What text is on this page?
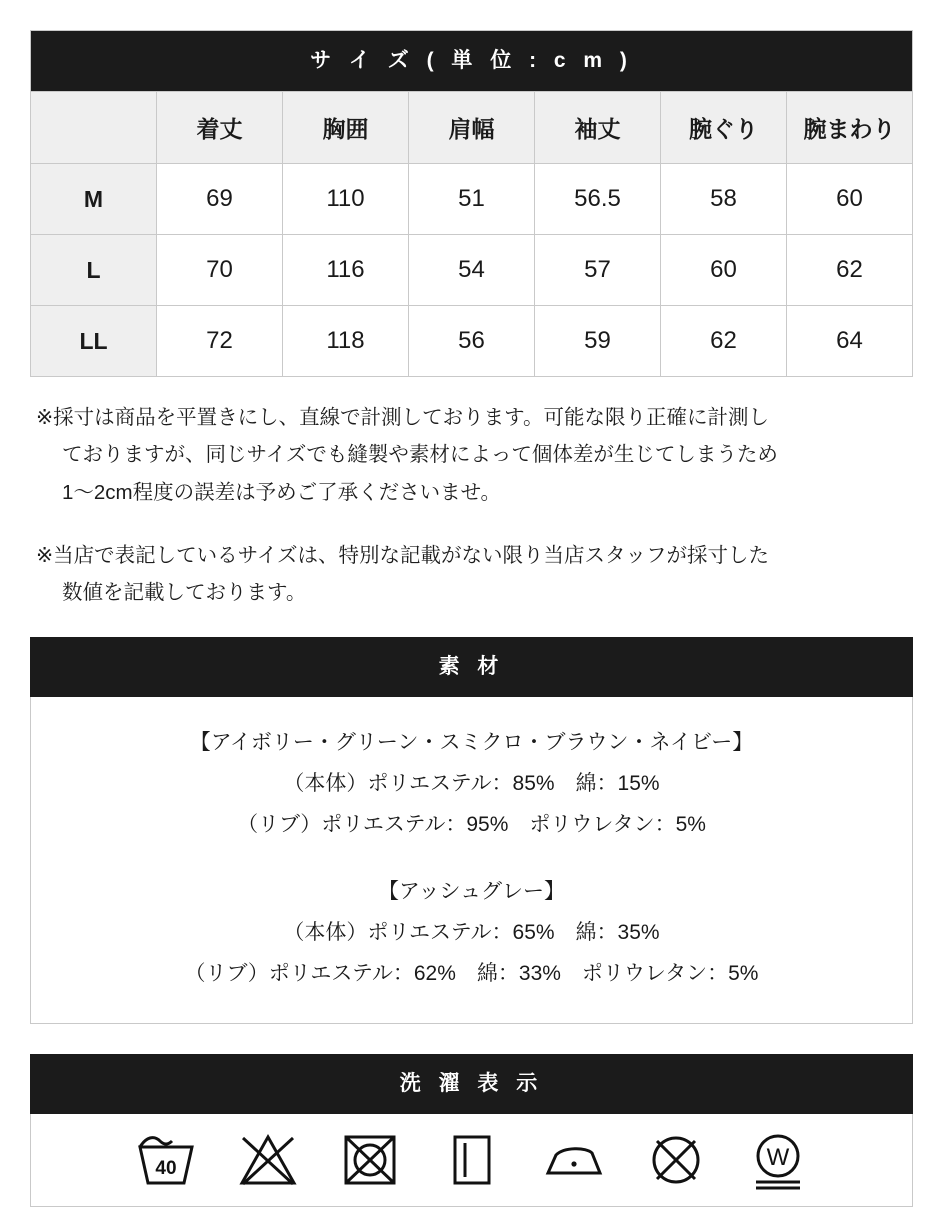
サ イ ズ ( 単 位 : c m )						

	着丈	胸囲	肩幅	袖丈	腕ぐり	腕まわり
M	69	110	51	56.5	58	60
L	70	116	54	57	60	62
LL	72	118	56	59	62	64

※採寸は商品を平置きにし、直線で計測しております。可能な限り正確に計測し
ておりますが、同じサイズでも縫製や素材によって個体差が生じてしまうため
1〜2cm程度の誤差は予めご了承くださいませ。

※当店で表記しているサイズは、特別な記載がない限り当店スタッフが採寸した
数値を記載しております。

素 材
【アイボリー・グリーン・スミクロ・ブラウン・ネイビー】
（本体）ポリエステル：85%　綿：15%
（リブ）ポリエステル：95%　ポリウレタン：5%
【アッシュグレー】
（本体）ポリエステル：65%　綿：35%
（リブ）ポリエステル：62%　綿：33%　ポリウレタン：5%
洗 濯 表 示
40	W
